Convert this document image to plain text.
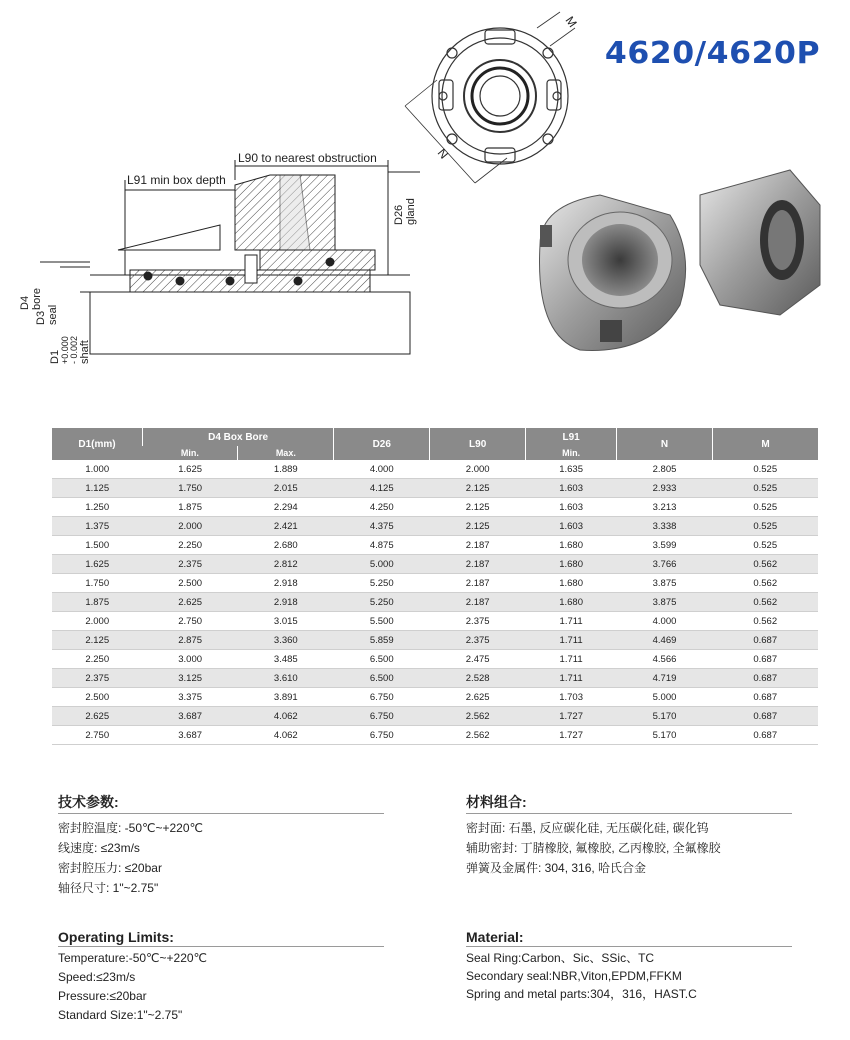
4620/4620P
N
M
L91 min box depth
L90 to nearest obstruction
D26 gland
D4 bore
D3 seal
D1 +0.000 - 0.002 shaft
D1(mm)	D4 Box Bore		D26	L90	L91	N	M
	Min.	Max.			Min.		
1.000	1.625	1.889	4.000	2.000	1.635	2.805	0.525
1.125	1.750	2.015	4.125	2.125	1.603	2.933	0.525
1.250	1.875	2.294	4.250	2.125	1.603	3.213	0.525
1.375	2.000	2.421	4.375	2.125	1.603	3.338	0.525
1.500	2.250	2.680	4.875	2.187	1.680	3.599	0.525
1.625	2.375	2.812	5.000	2.187	1.680	3.766	0.562
1.750	2.500	2.918	5.250	2.187	1.680	3.875	0.562
1.875	2.625	2.918	5.250	2.187	1.680	3.875	0.562
2.000	2.750	3.015	5.500	2.375	1.711	4.000	0.562
2.125	2.875	3.360	5.859	2.375	1.711	4.469	0.687
2.250	3.000	3.485	6.500	2.475	1.711	4.566	0.687
2.375	3.125	3.610	6.500	2.528	1.711	4.719	0.687
2.500	3.375	3.891	6.750	2.625	1.703	5.000	0.687
2.625	3.687	4.062	6.750	2.562	1.727	5.170	0.687
2.750	3.687	4.062	6.750	2.562	1.727	5.170	0.687
技术参数:
密封腔温度: -50℃~+220℃
线速度: ≤23m/s
密封腔压力: ≤20bar
轴径尺寸: 1"~2.75"
材料组合:
密封面: 石墨, 反应碳化硅, 无压碳化硅, 碳化钨
辅助密封: 丁腈橡胶, 氟橡胶, 乙丙橡胶, 全氟橡胶
弹簧及金属件: 304, 316, 哈氏合金
Operating Limits:
Temperature:-50℃~+220℃
Speed:≤23m/s
Pressure:≤20bar
Standard Size:1"~2.75"
Material:
Seal Ring:Carbon、Sic、SSic、TC
Secondary seal:NBR,Viton,EPDM,FFKM
Spring and metal parts:304，316，HAST.C
